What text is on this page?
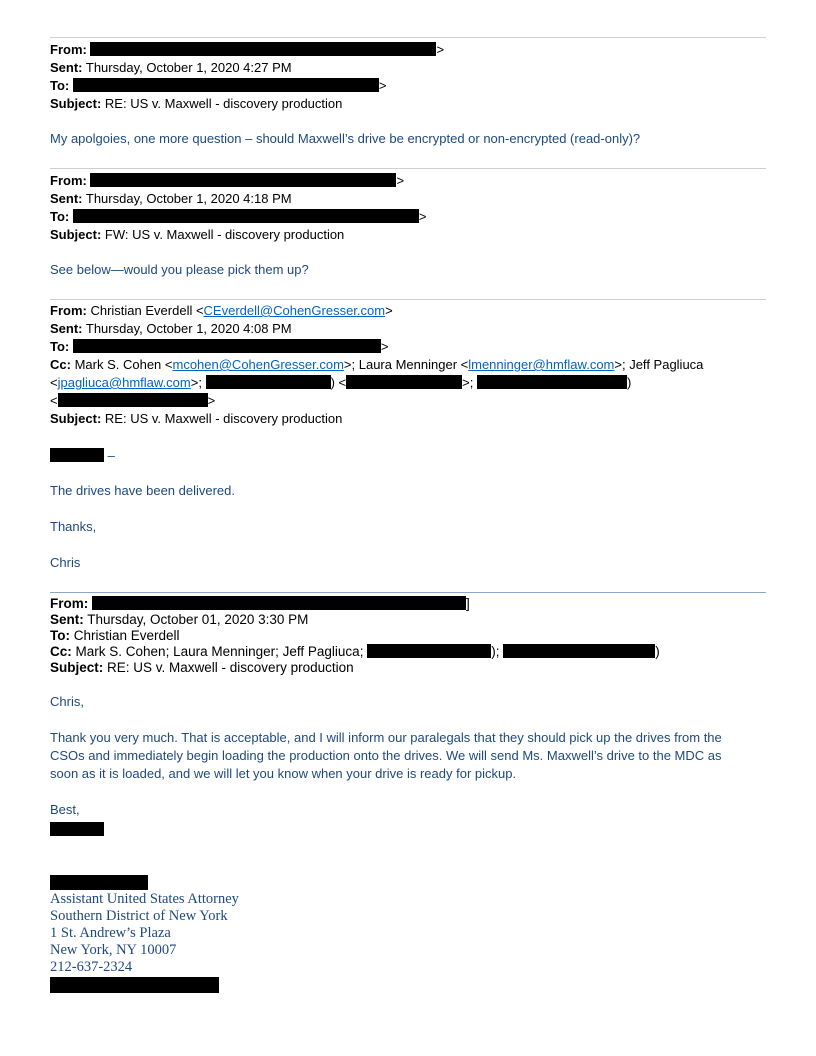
From:	>
Sent: Thursday, October 1, 2020 4:27 PM
To:	>
Subject: RE: US v. Maxwell - discovery production
My apolgoies, one more question – should Maxwell’s drive be encrypted or non-encrypted (read-only)?
From:	>
Sent: Thursday, October 1, 2020 4:18 PM
To:	>
Subject: FW: US v. Maxwell - discovery production
See below—would you please pick them up?
From: Christian Everdell <CEverdell@CohenGresser.com>
Sent: Thursday, October 1, 2020 4:08 PM
To:	>
Cc: Mark S. Cohen <mcohen@CohenGresser.com>; Laura Menninger <lmenninger@hmflaw.com>; Jeff Pagliuca
<jpagliuca@hmflaw.com>;	) <	>;	)
<	>
Subject: RE: US v. Maxwell - discovery production
–
The drives have been delivered.
Thanks,
Chris
From:	]
Sent: Thursday, October 01, 2020 3:30 PM
To: Christian Everdell
Cc: Mark S. Cohen; Laura Menninger; Jeff Pagliuca;	);	)
Subject: RE: US v. Maxwell - discovery production
Chris,
Thank you very much. That is acceptable, and I will inform our paralegals that they should pick up the drives from the
CSOs and immediately begin loading the production onto the drives. We will send Ms. Maxwell’s drive to the MDC as
soon as it is loaded, and we will let you know when your drive is ready for pickup.
Best,
Assistant United States Attorney
Southern District of New York
1 St. Andrew’s Plaza
New York, NY 10007
212-637-2324
